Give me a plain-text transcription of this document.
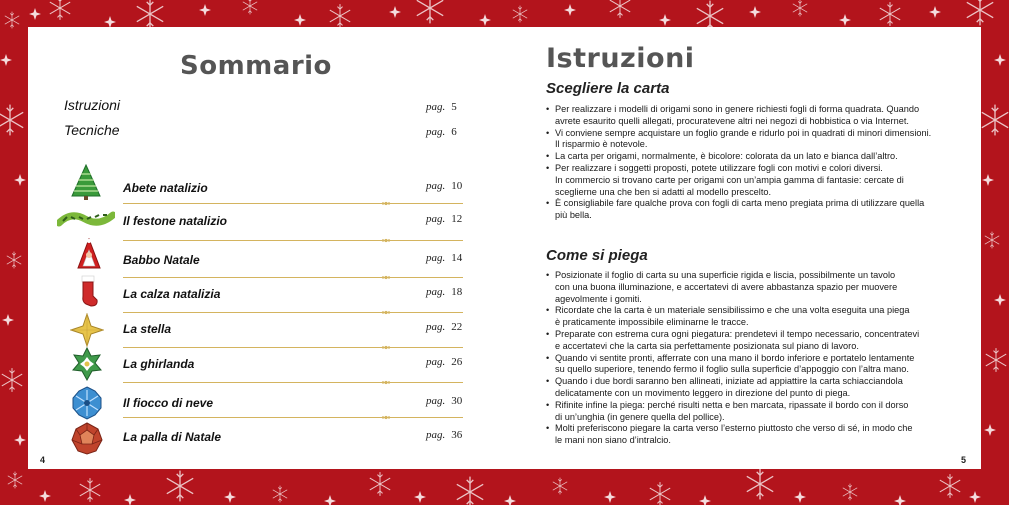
Sommario
Istruzioni	pag. 5
Tecniche	pag. 6
Abete natalizio	pag. 10
Il festone natalizio	pag. 12
Babbo Natale	pag. 14
La calza natalizia	pag. 18
La stella	pag. 22
La ghirlanda	pag. 26
Il fiocco di neve	pag. 30
La palla di Natale	pag. 36
4
Istruzioni
Scegliere la carta
• Per realizzare i modelli di origami sono in genere richiesti fogli di forma quadrata. Quando
avrete esaurito quelli allegati, procuratevene altri nei negozi di hobbistica o via Internet.
• Vi conviene sempre acquistare un foglio grande e ridurlo poi in quadrati di minori dimensioni.
Il risparmio è notevole.
• La carta per origami, normalmente, è bicolore: colorata da un lato e bianca dall’altro.
• Per realizzare i soggetti proposti, potete utilizzare fogli con motivi e colori diversi.
In commercio si trovano carte per origami con un’ampia gamma di fantasie: cercate di
sceglierne una che ben si adatti al modello prescelto.
• È consigliabile fare qualche prova con fogli di carta meno pregiata prima di utilizzare quella
più bella.
Come si piega
• Posizionate il foglio di carta su una superficie rigida e liscia, possibilmente un tavolo
con una buona illuminazione, e accertatevi di avere abbastanza spazio per muovere
agevolmente i gomiti.
• Ricordate che la carta è un materiale sensibilissimo e che una volta eseguita una piega
è praticamente impossibile eliminarne le tracce.
• Preparate con estrema cura ogni piegatura: prendetevi il tempo necessario, concentratevi
e accertatevi che la carta sia perfettamente posizionata sul piano di lavoro.
• Quando vi sentite pronti, afferrate con una mano il bordo inferiore e portatelo lentamente
su quello superiore, tenendo fermo il foglio sulla superficie d’appoggio con l’altra mano.
• Quando i due bordi saranno ben allineati, iniziate ad appiattire la carta schiacciandola
delicatamente con un movimento leggero in direzione del punto di piega.
• Rifinite infine la piega: perché risulti netta e ben marcata, ripassate il bordo con il dorso
di un’unghia (in genere quella del pollice).
• Molti preferiscono piegare la carta verso l’esterno piuttosto che verso di sé, in modo che
le mani non siano d’intralcio.
5
